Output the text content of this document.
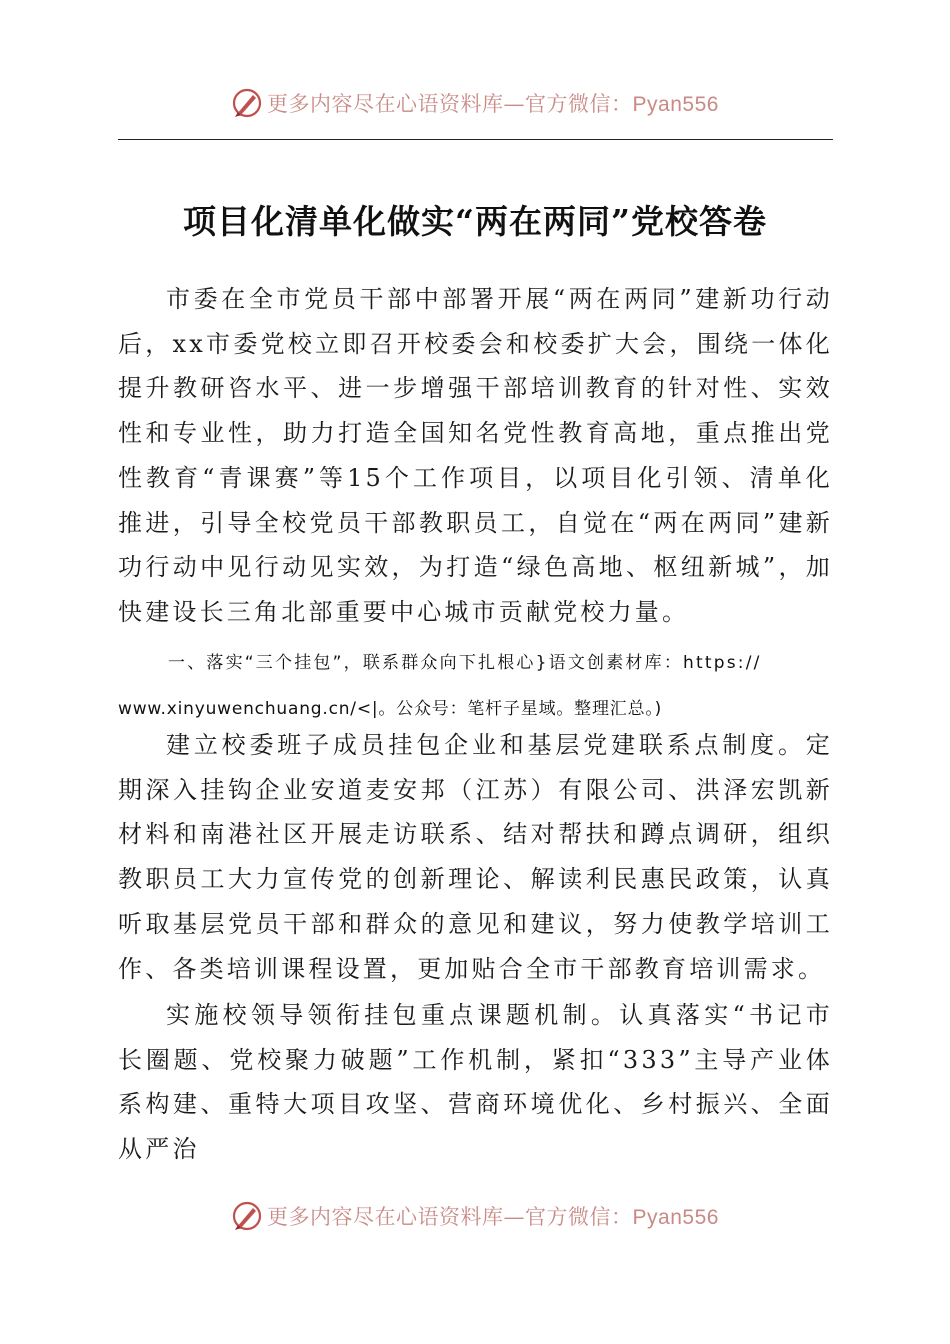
更多内容尽在心语资料库—官方微信：Pyan556
项目化清单化做实“两在两同”党校答卷
市委在全市党员干部中部署开展“两在两同”建新功行动后，xx市委党校立即召开校委会和校委扩大会，围绕一体化提升教研咨水平、进一步增强干部培训教育的针对性、实效性和专业性，助力打造全国知名党性教育高地，重点推出党性教育“青课赛”等15个工作项目，以项目化引领、清单化推进，引导全校党员干部教职员工，自觉在“两在两同”建新功行动中见行动见实效，为打造“绿色高地、枢纽新城”，加快建设长三角北部重要中心城市贡献党校力量。
一、落实“三个挂包”，联系群众向下扎根心}语文创素材库：https://
www.xinyuwenchuang.cn/<|。公众号：笔杆子星域。整理汇总。)
建立校委班子成员挂包企业和基层党建联系点制度。定期深入挂钩企业安道麦安邦（江苏）有限公司、洪泽宏凯新材料和南港社区开展走访联系、结对帮扶和蹲点调研，组织教职员工大力宣传党的创新理论、解读利民惠民政策，认真听取基层党员干部和群众的意见和建议，努力使教学培训工作、各类培训课程设置，更加贴合全市干部教育培训需求。
实施校领导领衔挂包重点课题机制。认真落实“书记市长圈题、党校聚力破题”工作机制，紧扣“333”主导产业体系构建、重特大项目攻坚、营商环境优化、乡村振兴、全面从严治
更多内容尽在心语资料库—官方微信：Pyan556
